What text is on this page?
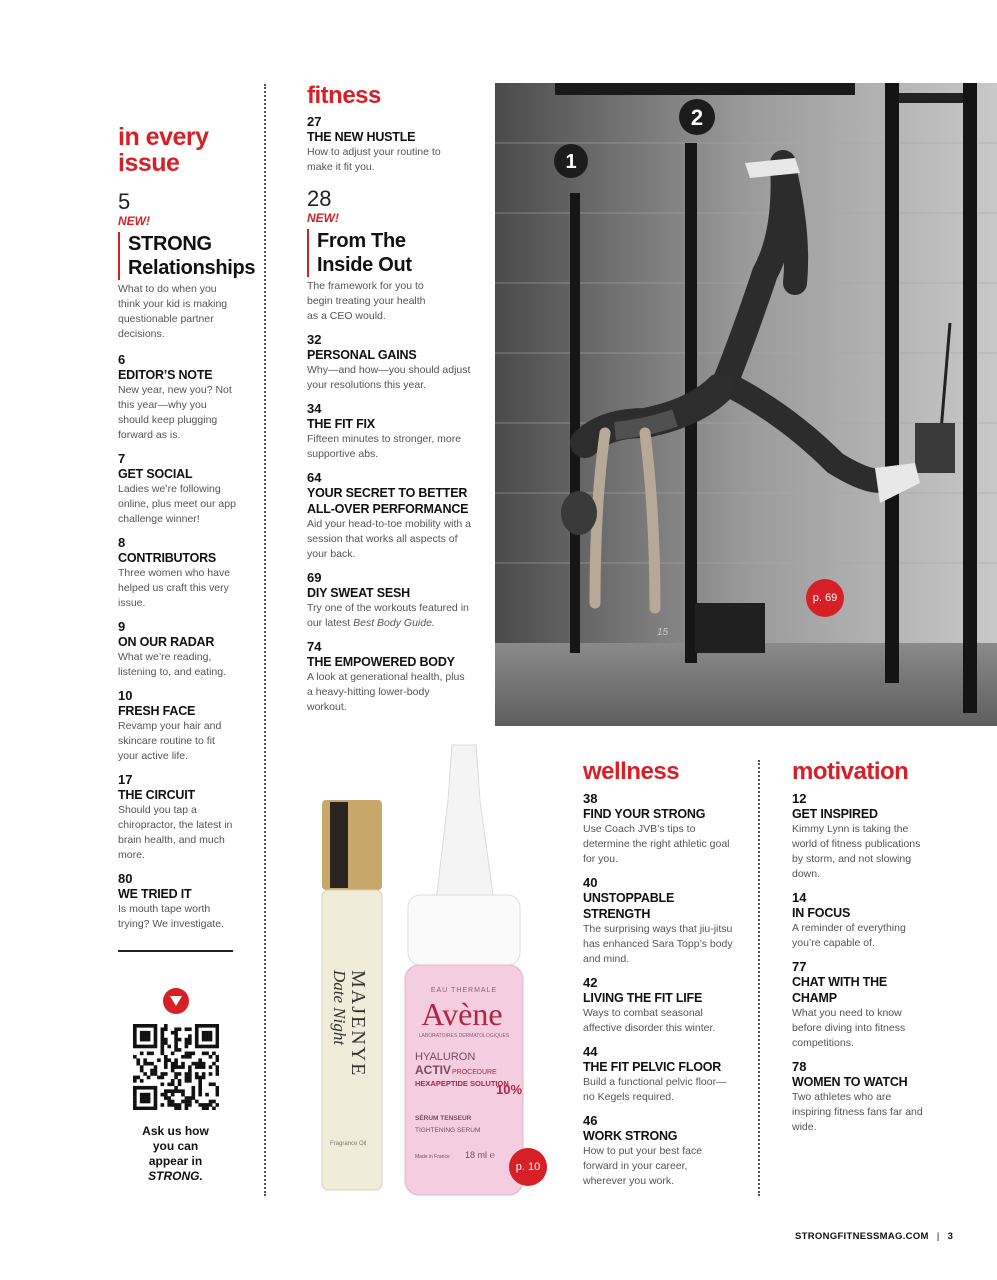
in every issue
5
NEW!
STRONG Relationships
What to do when you think your kid is making questionable partner decisions.
6
EDITOR’S NOTE
New year, new you? Not this year—why you should keep plugging forward as is.
7
GET SOCIAL
Ladies we’re following online, plus meet our app challenge winner!
8
CONTRIBUTORS
Three women who have helped us craft this very issue.
9
ON OUR RADAR
What we’re reading, listening to, and eating.
10
FRESH FACE
Revamp your hair and skincare routine to fit your active life.
17
THE CIRCUIT
Should you tap a chiropractor, the latest in brain health, and much more.
80
WE TRIED IT
Is mouth tape worth trying? We investigate.
Ask us how you can appear in
STRONG.
fitness
27
THE NEW HUSTLE
How to adjust your routine to make it fit you.
28
NEW!
From The Inside Out
The framework for you to begin treating your health as a CEO would.
32
PERSONAL GAINS
Why—and how—you should adjust your resolutions this year.
34
THE FIT FIX
Fifteen minutes to stronger, more supportive abs.
64
YOUR SECRET TO BETTER ALL-OVER PERFORMANCE
Aid your head-to-toe mobility with a session that works all aspects of your back.
69
DIY SWEAT SESH
Try one of the workouts featured in our latest Best Body Guide.
74
THE EMPOWERED BODY
A look at generational health, plus a heavy-hitting lower-body workout.
1
2
15
p. 69
MAJENYE
Date Night
Fragrance Oil
EAU THERMALE
Avène
LABORATOIRES DERMATOLOGIQUES
HYALURON
ACTIV PROCEDURE
HEXAPEPTIDE SOLUTION
10%
SÉRUM TENSEUR
TIGHTENING SERUM
Made in France 18 ml ℮
p. 10
wellness
38
FIND YOUR STRONG
Use Coach JVB’s tips to determine the right athletic goal for you.
40
UNSTOPPABLE STRENGTH
The surprising ways that jiu-jitsu has enhanced Sara Topp’s body and mind.
42
LIVING THE FIT LIFE
Ways to combat seasonal affective disorder this winter.
44
THE FIT PELVIC FLOOR
Build a functional pelvic floor—no Kegels required.
46
WORK STRONG
How to put your best face forward in your career, wherever you work.
motivation
12
GET INSPIRED
Kimmy Lynn is taking the world of fitness publications by storm, and not slowing down.
14
IN FOCUS
A reminder of everything you’re capable of.
77
CHAT WITH THE CHAMP
What you need to know before diving into fitness competitions.
78
WOMEN TO WATCH
Two athletes who are inspiring fitness fans far and wide.
STRONGFITNESSMAG.COM | 3
